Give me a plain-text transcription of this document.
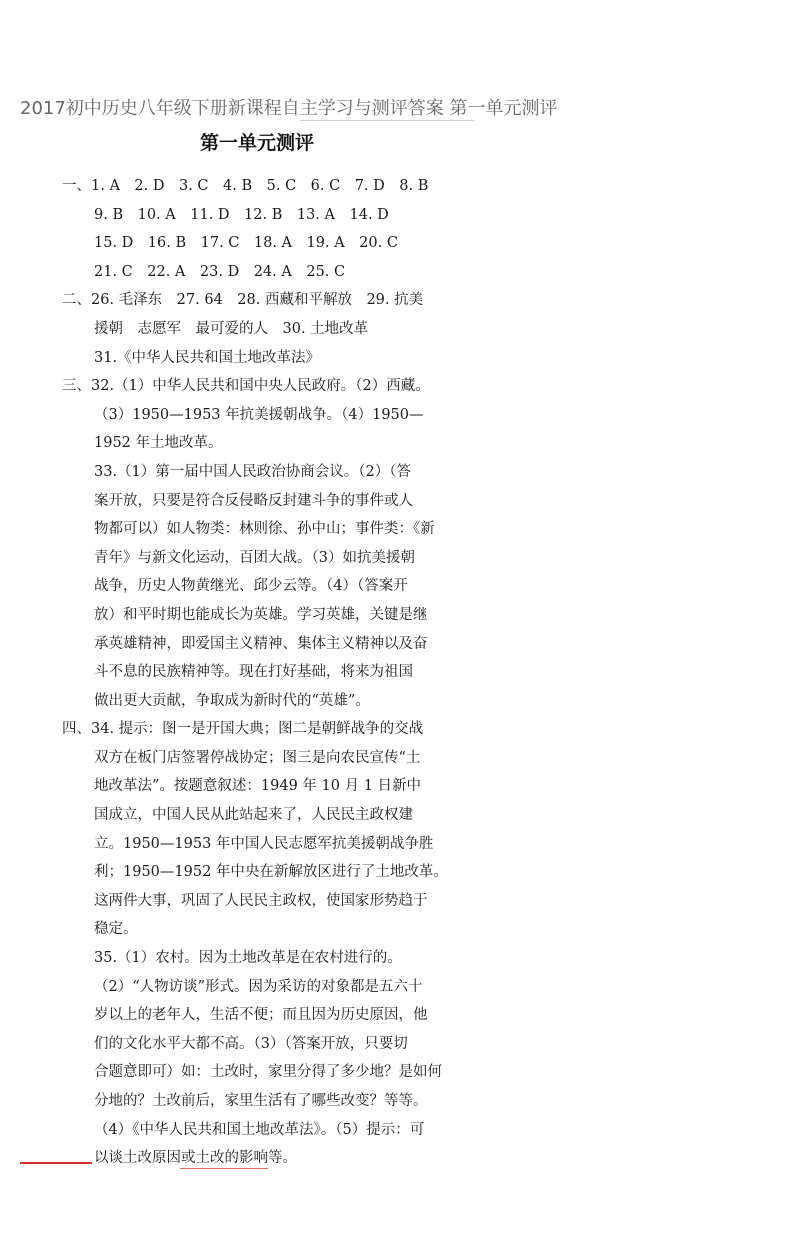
2017初中历史八年级下册新课程自主学习与测评答案 第一单元测评
第一单元测评
一、1. A　2. D　3. C　4. B　5. C　6. C　7. D　8. B
9. B　10. A　11. D　12. B　13. A　14. D
15. D　16. B　17. C　18. A　19. A　20. C
21. C　22. A　23. D　24. A　25. C
二、26. 毛泽东　27. 64　28. 西藏和平解放　29. 抗美
援朝　志愿军　最可爱的人　30. 土地改革
31.《中华人民共和国土地改革法》
三、32.（1）中华人民共和国中央人民政府。（2）西藏。
（3）1950—1953 年抗美援朝战争。（4）1950—
1952 年土地改革。
33.（1）第一届中国人民政治协商会议。（2）（答
案开放，只要是符合反侵略反封建斗争的事件或人
物都可以）如人物类：林则徐、孙中山；事件类：《新
青年》与新文化运动，百团大战。（3）如抗美援朝
战争，历史人物黄继光、邱少云等。（4）（答案开
放）和平时期也能成长为英雄。学习英雄，关键是继
承英雄精神，即爱国主义精神、集体主义精神以及奋
斗不息的民族精神等。现在打好基础，将来为祖国
做出更大贡献，争取成为新时代的“英雄”。
四、34. 提示：图一是开国大典；图二是朝鲜战争的交战
双方在板门店签署停战协定；图三是向农民宣传“土
地改革法”。按题意叙述：1949 年 10 月 1 日新中
国成立，中国人民从此站起来了，人民民主政权建
立。1950—1953 年中国人民志愿军抗美援朝战争胜
利；1950—1952 年中央在新解放区进行了土地改革。
这两件大事，巩固了人民民主政权，使国家形势趋于
稳定。
35.（1）农村。因为土地改革是在农村进行的。
（2）“人物访谈”形式。因为采访的对象都是五六十
岁以上的老年人，生活不便；而且因为历史原因，他
们的文化水平大都不高。（3）（答案开放，只要切
合题意即可）如：土改时，家里分得了多少地？是如何
分地的？土改前后，家里生活有了哪些改变？等等。
（4）《中华人民共和国土地改革法》。（5）提示：可
以谈土改原因或土改的影响等。
